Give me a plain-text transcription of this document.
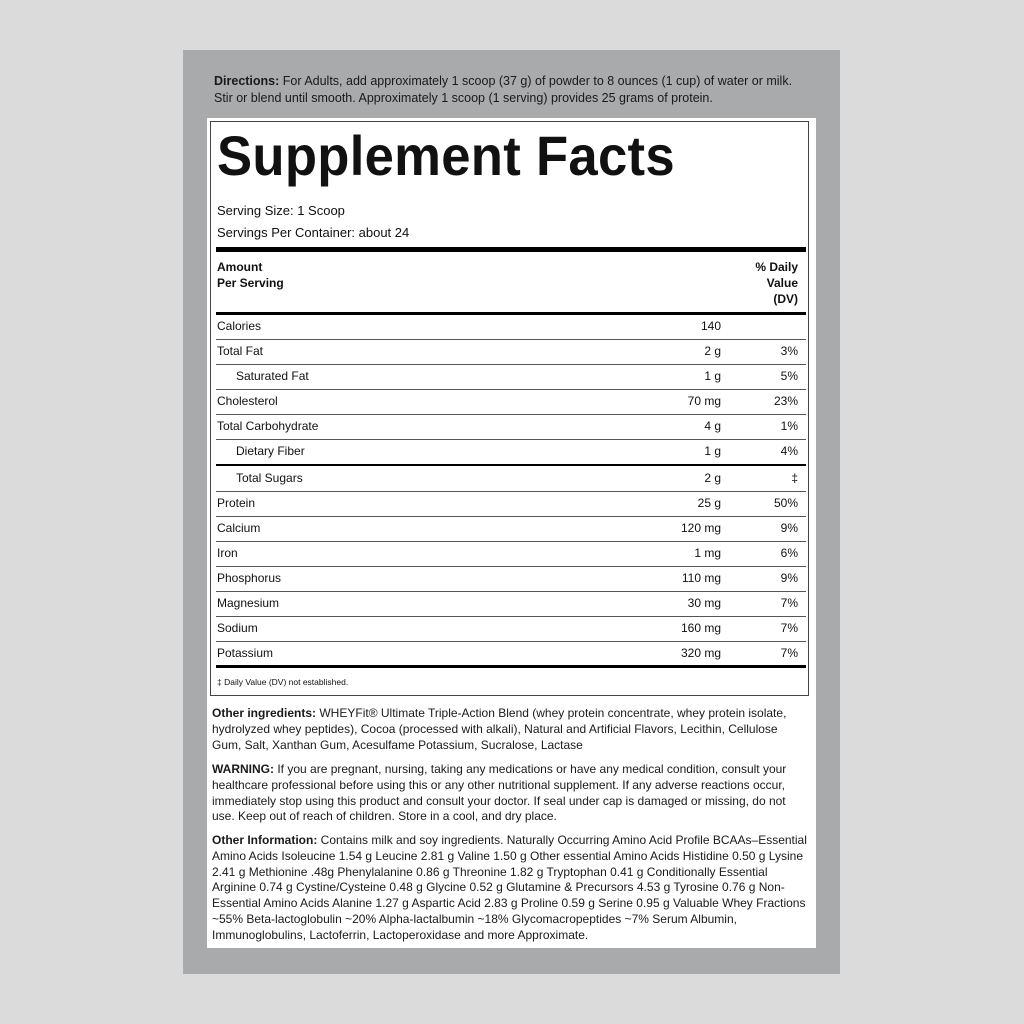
Directions: For Adults, add approximately 1 scoop (37 g) of powder to 8 ounces (1 cup) of water or milk. Stir or blend until smooth. Approximately 1 scoop (1 serving) provides 25 grams of protein.
Supplement Facts
Serving Size: 1 Scoop
Servings Per Container: about 24
Amount
Per Serving
% Daily
Value
(DV)
Calories	140
Total Fat	2 g	3%
Saturated Fat	1 g	5%
Cholesterol	70 mg	23%
Total Carbohydrate	4 g	1%
Dietary Fiber	1 g	4%
Total Sugars	2 g	‡
Protein	25 g	50%
Calcium	120 mg	9%
Iron	1 mg	6%
Phosphorus	110 mg	9%
Magnesium	30 mg	7%
Sodium	160 mg	7%
Potassium	320 mg	7%
‡ Daily Value (DV) not established.
Other ingredients: WHEYFit® Ultimate Triple-Action Blend (whey protein concentrate, whey protein isolate, hydrolyzed whey peptides), Cocoa (processed with alkali), Natural and Artificial Flavors, Lecithin, Cellulose Gum, Salt, Xanthan Gum, Acesulfame Potassium, Sucralose, Lactase
WARNING: If you are pregnant, nursing, taking any medications or have any medical condition, consult your healthcare professional before using this or any other nutritional supplement. If any adverse reactions occur, immediately stop using this product and consult your doctor. If seal under cap is damaged or missing, do not use. Keep out of reach of children. Store in a cool, and dry place.
Other Information: Contains milk and soy ingredients. Naturally Occurring Amino Acid Profile BCAAs–Essential Amino Acids Isoleucine 1.54 g Leucine 2.81 g Valine 1.50 g Other essential Amino Acids Histidine 0.50 g Lysine 2.41 g Methionine .48g Phenylalanine 0.86 g Threonine 1.82 g Tryptophan 0.41 g Conditionally Essential Arginine 0.74 g Cystine/Cysteine 0.48 g Glycine 0.52 g Glutamine & Precursors 4.53 g Tyrosine 0.76 g Non-Essential Amino Acids Alanine 1.27 g Aspartic Acid 2.83 g Proline 0.59 g Serine 0.95 g Valuable Whey Fractions ~55% Beta-lactoglobulin ~20% Alpha-lactalbumin ~18% Glycomacropeptides ~7% Serum Albumin, Immunoglobulins, Lactoferrin, Lactoperoxidase and more Approximate.
